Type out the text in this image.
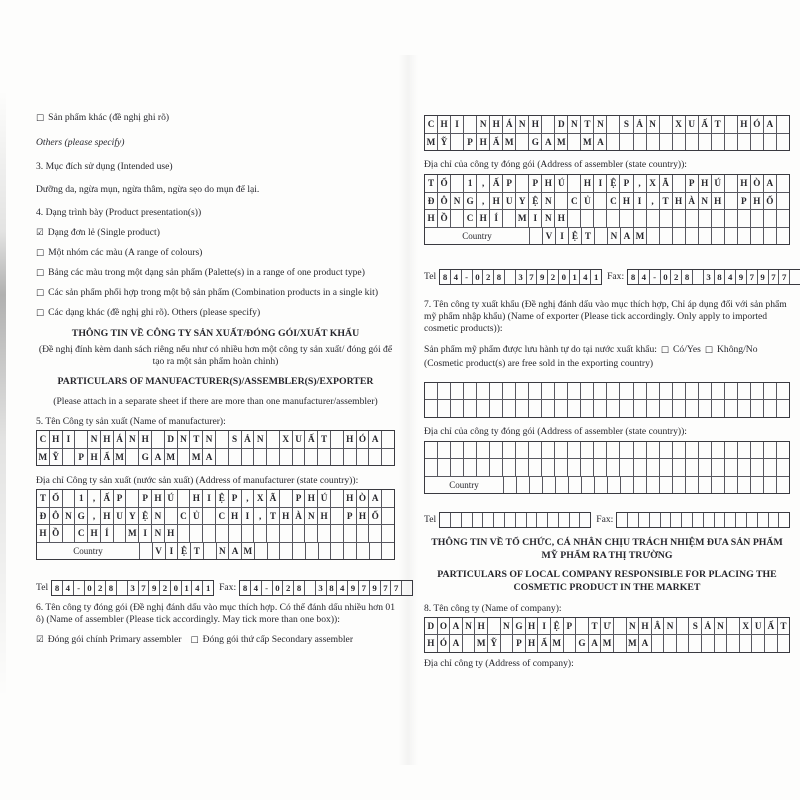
□ Sản phẩm khác (đề nghị ghi rõ)

Others (please specify)

3. Mục đích sử dụng (Intended use)

Dưỡng da, ngừa mụn, ngừa thâm, ngừa sẹo do mụn để lại.

4. Dạng trình bày (Product presentation(s))

☑ Dạng đơn lẻ (Single product)

□ Một nhóm các màu (A range of colours)

□ Bảng các màu trong một dạng sản phẩm (Palette(s) in a range of one product type)

□ Các sản phẩm phối hợp trong một bộ sản phẩm (Combination products in a single kit)

□ Các dạng khác (đề nghị ghi rõ). Others (please specify)

THÔNG TIN VỀ CÔNG TY SẢN XUẤT/ĐÓNG GÓI/XUẤT KHẨU

(Đề nghị đính kèm danh sách riêng nếu như có nhiều hơn một công ty sản xuất/ đóng gói để tạo ra một sản phẩm hoàn chỉnh)

PARTICULARS OF MANUFACTURER(S)/ASSEMBLER(S)/EXPORTER

(Please attach in a separate sheet if there are more than one manufacturer/assembler)

5. Tên Công ty sản xuất (Name of manufacturer):

C H I	N H Á N H	D N T N	S Ả N	X U Ấ T	H Ó A
M Ỹ	P H Ẩ M G A M M A

Địa chỉ Công ty sản xuất (nước sản xuất) (Address of manufacturer (state country)):

T Ổ	1	, Ấ P	P H Ú	H I Ệ P , X Ã	P H Ú	H Ò A
Đ Ô N G , H U Y Ệ N	C Ủ	C H I	, T H À N H	P H Ố
H Ồ	C H Í	M I N H
Country	V I Ệ T	N A M
Tel 8 4 - 0 2 8	3 7 9 2 0 1 4 1 Fax: 8 4 - 0 2 8	3 8 4 9 7 9 7 7

6. Tên công ty đóng gói (Đề nghị đánh dấu vào mục thích hợp. Có thể đánh dấu nhiều hơn 01 ô) (Name of assembler (Please tick accordingly. May tick more than one box)):

☑ Đóng gói chính Primary assembler □ Đóng gói thứ cấp Secondary assembler

C H I	N H Á N H	D N T N	S Ả N	X U Ấ T	H Ó A
M Ỹ	P H Ẩ M G A M M A

Địa chỉ của công ty đóng gói (Address of assembler (state country)):

T Ổ	1	, Ấ P	P H Ú	H I Ệ P , X Ã	P H Ú	H Ò A
Đ Ô N G , H U Y Ệ N	C Ủ	C H I	, T H À N H	P H Ố
H Ồ	C H Í	M I N H
Country	V I Ệ T	N A M
Tel 8 4 - 0 2 8	3 7 9 2 0 1 4 1 Fax: 8 4 - 0 2 8	3 8 4 9 7 9 7 7

7. Tên công ty xuất khẩu (Đề nghị đánh dấu vào mục thích hợp, Chỉ áp dụng đối với sản phẩm mỹ phẩm nhập khẩu) (Name of exporter (Please tick accordingly. Only apply to imported cosmetic products)):

Sản phẩm mỹ phẩm được lưu hành tự do tại nước xuất khẩu: □ Có/Yes □ Không/No

(Cosmetic product(s) are free sold in the exporting country)

Địa chỉ của công ty đóng gói (Address of assembler (state country)):

Country
Tel	Fax:

THÔNG TIN VỀ TỔ CHỨC, CÁ NHÂN CHỊU TRÁCH NHIỆM ĐƯA SẢN PHẨM MỸ PHẨM RA THỊ TRƯỜNG

PARTICULARS OF LOCAL COMPANY RESPONSIBLE FOR PLACING THE COSMETIC PRODUCT IN THE MARKET

8. Tên công ty (Name of company):

D O A N H	N G H I Ệ P	T Ư	N H Â N	S Ả N	X U Ấ T
H Ó A	M Ỹ	P H Ẩ M G A M M A

Địa chỉ công ty (Address of company):
